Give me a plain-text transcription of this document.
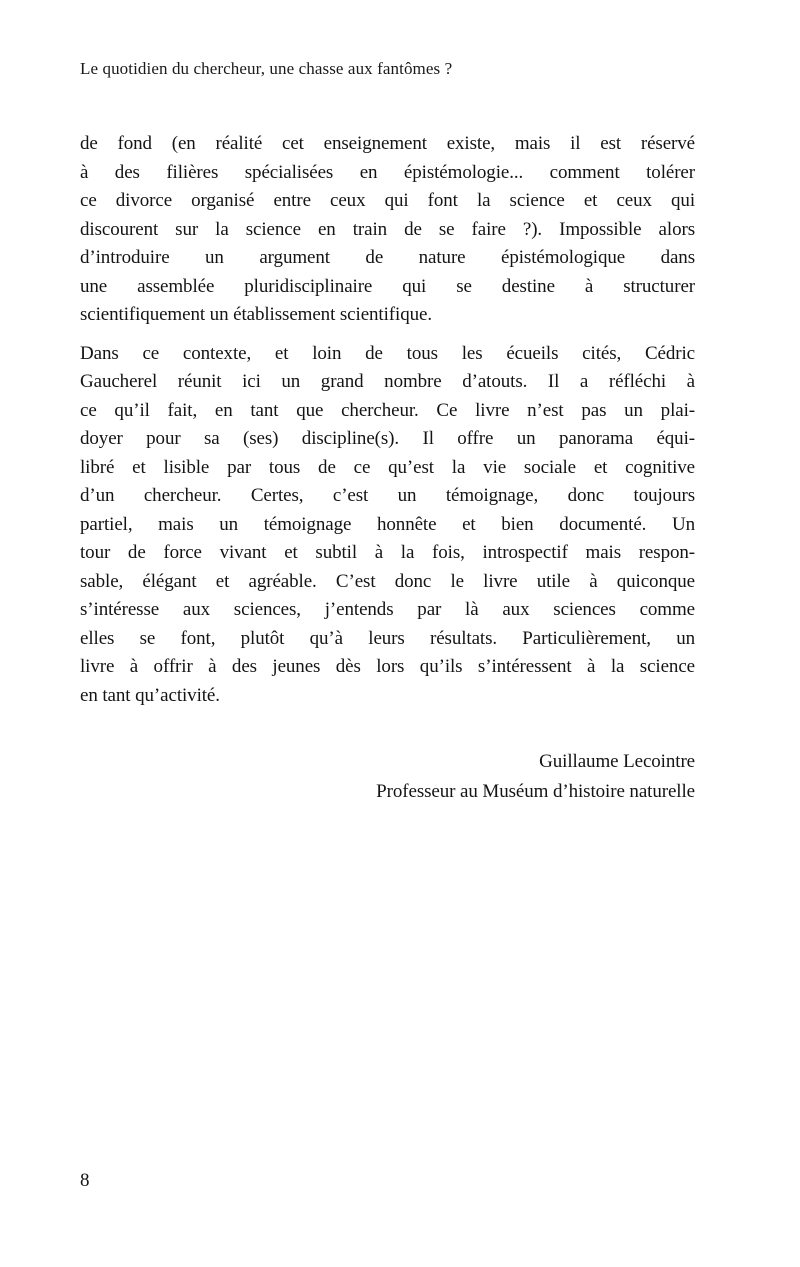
Le quotidien du chercheur, une chasse aux fantômes ?
de fond (en réalité cet enseignement existe, mais il est réservé
à des filières spécialisées en épistémologie... comment tolérer
ce divorce organisé entre ceux qui font la science et ceux qui
discourent sur la science en train de se faire ?). Impossible alors
d’introduire un argument de nature épistémologique dans
une assemblée pluridisciplinaire qui se destine à structurer
scientifiquement un établissement scientifique.
Dans ce contexte, et loin de tous les écueils cités, Cédric
Gaucherel réunit ici un grand nombre d’atouts. Il a réfléchi à
ce qu’il fait, en tant que chercheur. Ce livre n’est pas un plai-
doyer pour sa (ses) discipline(s). Il offre un panorama équi-
libré et lisible par tous de ce qu’est la vie sociale et cognitive
d’un chercheur. Certes, c’est un témoignage, donc toujours
partiel, mais un témoignage honnête et bien documenté. Un
tour de force vivant et subtil à la fois, introspectif mais respon-
sable, élégant et agréable. C’est donc le livre utile à quiconque
s’intéresse aux sciences, j’entends par là aux sciences comme
elles se font, plutôt qu’à leurs résultats. Particulièrement, un
livre à offrir à des jeunes dès lors qu’ils s’intéressent à la science
en tant qu’activité.
Guillaume Lecointre
Professeur au Muséum d’histoire naturelle
8
